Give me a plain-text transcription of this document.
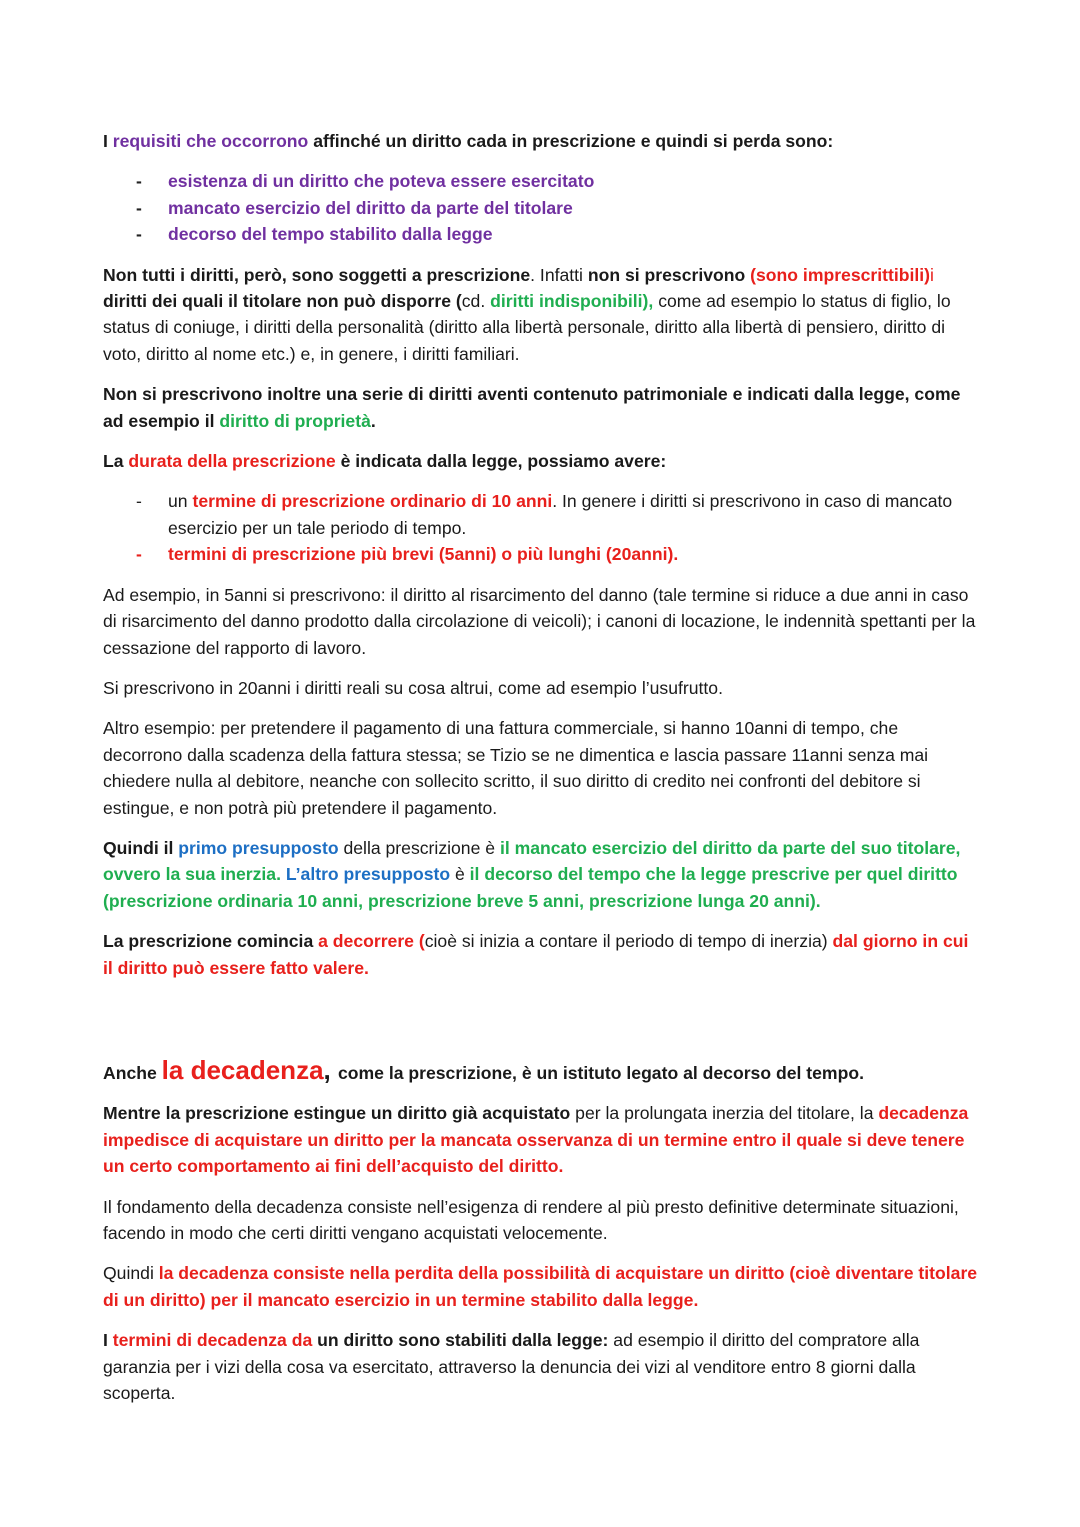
I requisiti che occorrono affinché un diritto cada in prescrizione e quindi si perda sono:

- esistenza di un diritto che poteva essere esercitato
- mancato esercizio del diritto da parte del titolare
- decorso del tempo stabilito dalla legge

Non tutti i diritti, però, sono soggetti a prescrizione. Infatti non si prescrivono (sono imprescrittibili)i
diritti dei quali il titolare non può disporre (cd. diritti indisponibili), come ad esempio lo status di figlio, lo status di coniuge, i diritti della personalità (diritto alla libertà personale, diritto alla libertà di pensiero, diritto di voto, diritto al nome etc.) e, in genere, i diritti familiari.

Non si prescrivono inoltre una serie di diritti aventi contenuto patrimoniale e indicati dalla legge, come ad esempio il diritto di proprietà.

La durata della prescrizione è indicata dalla legge, possiamo avere:

- un termine di prescrizione ordinario di 10 anni. In genere i diritti si prescrivono in caso di mancato esercizio per un tale periodo di tempo.
- termini di prescrizione più brevi (5anni) o più lunghi (20anni).

Ad esempio, in 5anni si prescrivono: il diritto al risarcimento del danno (tale termine si riduce a due anni in caso di risarcimento del danno prodotto dalla circolazione di veicoli); i canoni di locazione, le indennità spettanti per la cessazione del rapporto di lavoro.

Si prescrivono in 20anni i diritti reali su cosa altrui, come ad esempio l’usufrutto.

Altro esempio: per pretendere il pagamento di una fattura commerciale, si hanno 10anni di tempo, che decorrono dalla scadenza della fattura stessa; se Tizio se ne dimentica e lascia passare 11anni senza mai chiedere nulla al debitore, neanche con sollecito scritto, il suo diritto di credito nei confronti del debitore si estingue, e non potrà più pretendere il pagamento.

Quindi il primo presupposto della prescrizione è il mancato esercizio del diritto da parte del suo titolare, ovvero la sua inerzia. L’altro presupposto è il decorso del tempo che la legge prescrive per quel diritto (prescrizione ordinaria 10 anni, prescrizione breve 5 anni, prescrizione lunga 20 anni).

La prescrizione comincia a decorrere (cioè si inizia a contare il periodo di tempo di inerzia) dal giorno in cui il diritto può essere fatto valere.

Anche la decadenza, come la prescrizione, è un istituto legato al decorso del tempo.

Mentre la prescrizione estingue un diritto già acquistato per la prolungata inerzia del titolare, la decadenza impedisce di acquistare un diritto per la mancata osservanza di un termine entro il quale si deve tenere un certo comportamento ai fini dell’acquisto del diritto.

Il fondamento della decadenza consiste nell’esigenza di rendere al più presto definitive determinate situazioni, facendo in modo che certi diritti vengano acquistati velocemente.

Quindi la decadenza consiste nella perdita della possibilità di acquistare un diritto (cioè diventare titolare di un diritto) per il mancato esercizio in un termine stabilito dalla legge.

I termini di decadenza da un diritto sono stabiliti dalla legge: ad esempio il diritto del compratore alla garanzia per i vizi della cosa va esercitato, attraverso la denuncia dei vizi al venditore entro 8 giorni dalla scoperta.
